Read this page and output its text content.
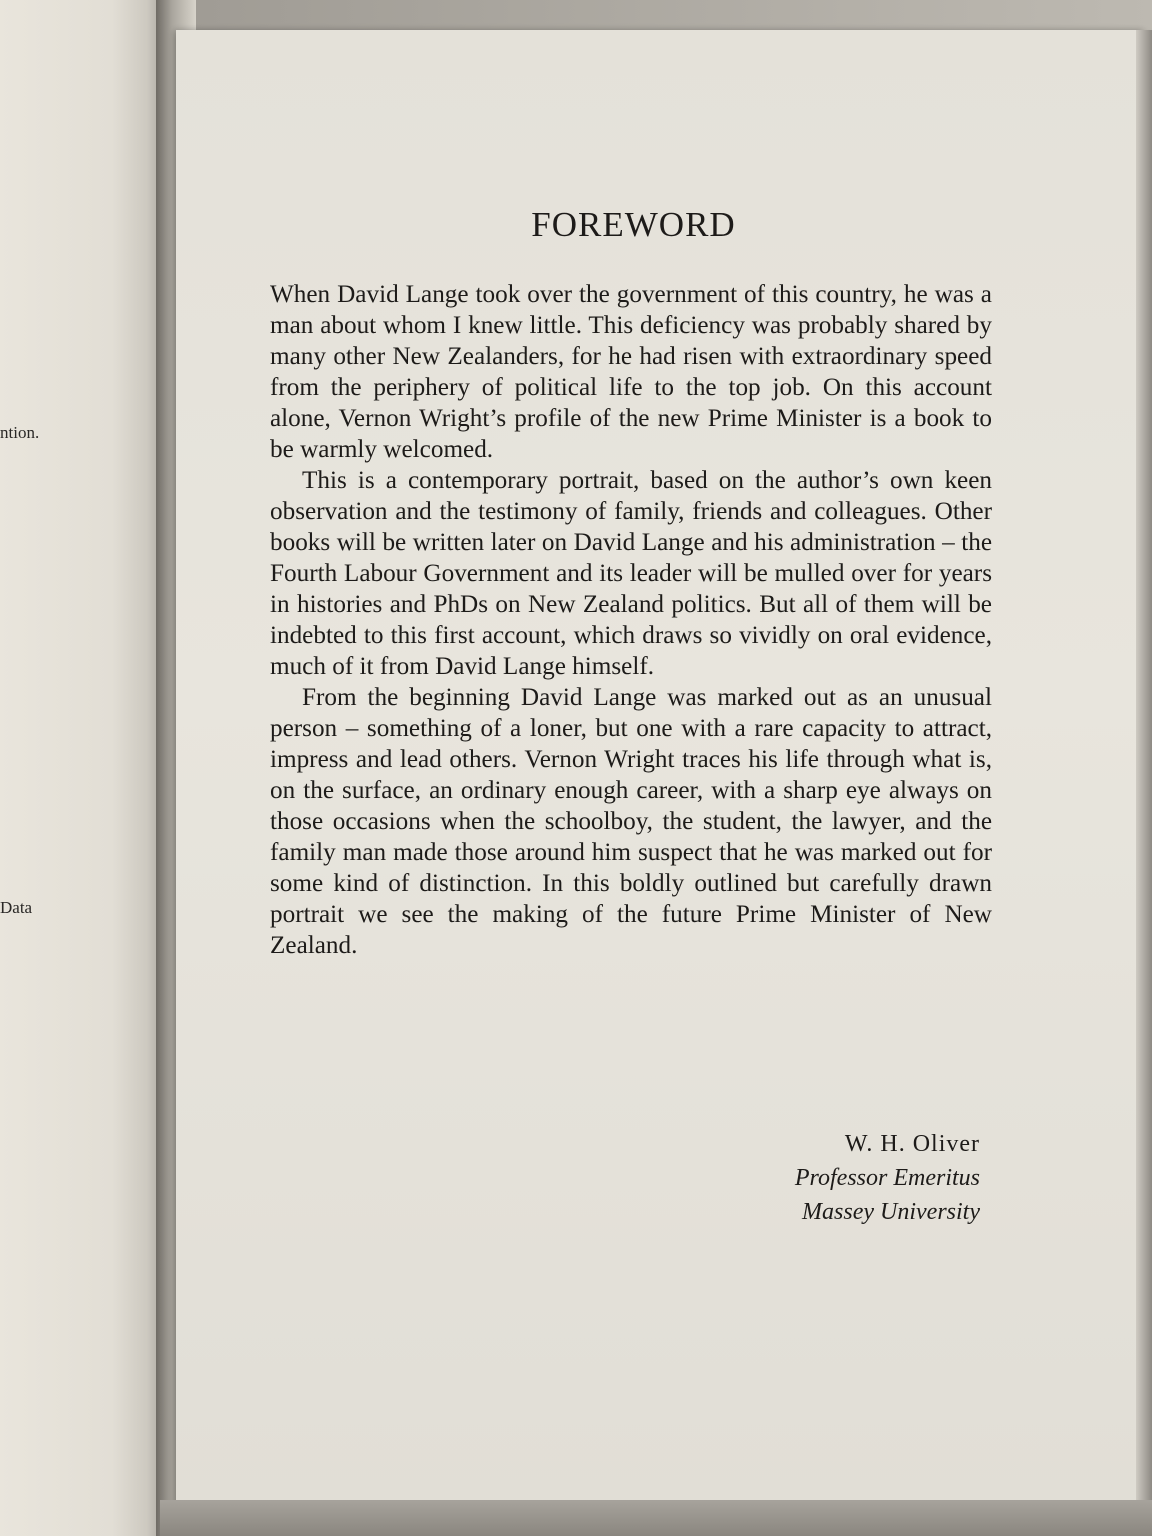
ntion.
Data
FOREWORD

When David Lange took over the government of this country, he was a man about whom I knew little. This deficiency was probably shared by many other New Zealanders, for he had risen with extraordinary speed from the periphery of political life to the top job. On this account alone, Vernon Wright’s profile of the new Prime Minister is a book to be warmly welcomed.

This is a contemporary portrait, based on the author’s own keen observation and the testimony of family, friends and colleagues. Other books will be written later on David Lange and his administration – the Fourth Labour Government and its leader will be mulled over for years in histories and PhDs on New Zealand politics. But all of them will be indebted to this first account, which draws so vividly on oral evidence, much of it from David Lange himself.

From the beginning David Lange was marked out as an unusual person – something of a loner, but one with a rare capacity to attract, impress and lead others. Vernon Wright traces his life through what is, on the surface, an ordinary enough career, with a sharp eye always on those occasions when the schoolboy, the student, the lawyer, and the family man made those around him suspect that he was marked out for some kind of distinction. In this boldly outlined but carefully drawn portrait we see the making of the future Prime Minister of New Zealand.

W. H. Oliver
Professor Emeritus
Massey University
